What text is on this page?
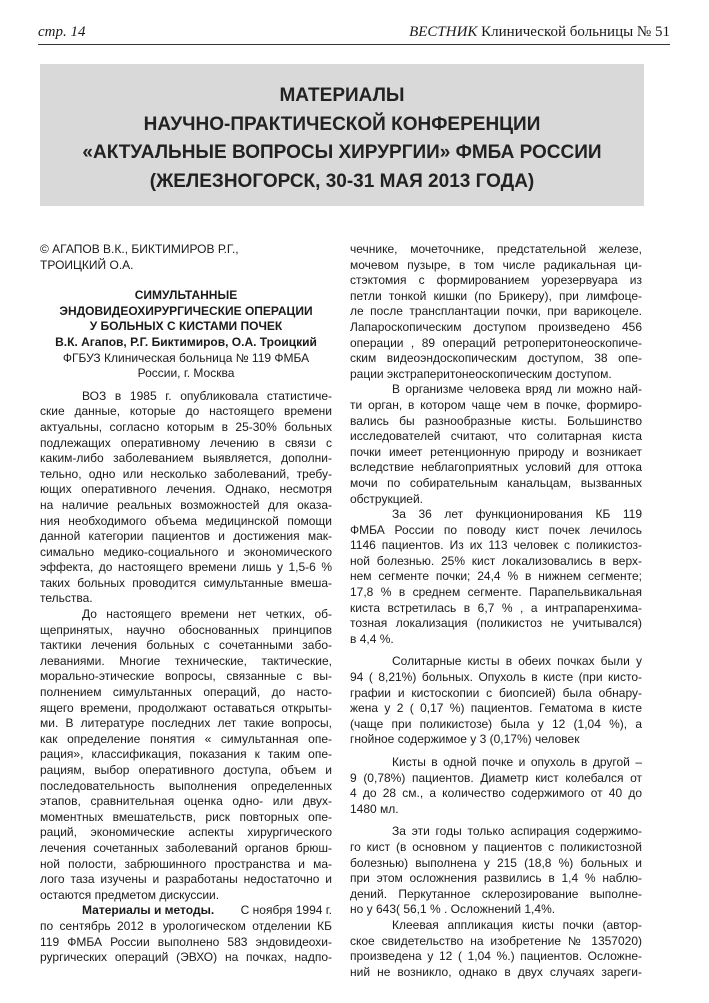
стр. 14	ВЕСТНИК Клинической больницы № 51
МАТЕРИАЛЫ
НАУЧНО-ПРАКТИЧЕСКОЙ КОНФЕРЕНЦИИ
«АКТУАЛЬНЫЕ ВОПРОСЫ ХИРУРГИИ» ФМБА РОССИИ
(ЖЕЛЕЗНОГОРСК, 30-31 МАЯ 2013 ГОДА)
© АГАПОВ В.К., БИКТИМИРОВ Р.Г.,
ТРОИЦКИЙ О.А.
СИМУЛЬТАННЫЕ
ЭНДОВИДЕОХИРУРГИЧЕСКИЕ ОПЕРАЦИИ
У БОЛЬНЫХ С КИСТАМИ ПОЧЕК
В.К. Агапов, Р.Г. Биктимиров, О.А. Троицкий
ФГБУЗ Клиническая больница № 119 ФМБА
России, г. Москва
ВОЗ в 1985 г. опубликовала статистиче-
ские данные, которые до настоящего времени
актуальны, согласно которым в 25-30% больных
подлежащих оперативному лечению в связи с
каким-либо заболеванием выявляется, дополни-
тельно, одно или несколько заболеваний, требу-
ющих оперативного лечения. Однако, несмотря
на наличие реальных возможностей для оказа-
ния необходимого объема медицинской помощи
данной категории пациентов и достижения мак-
симально медико-социального и экономического
эффекта, до настоящего времени лишь у 1,5-6 %
таких больных проводится симультанные вмеша-
тельства.
До настоящего времени нет четких, об-
щепринятых, научно обоснованных принципов
тактики лечения больных с сочетанными забо-
леваниями. Многие технические, тактические,
морально-этические вопросы, связанные с вы-
полнением симультанных операций, до насто-
ящего времени, продолжают оставаться открыты-
ми. В литературе последних лет такие вопросы,
как определение понятия « симультанная опе-
рация», классификация, показания к таким опе-
рациям, выбор оперативного доступа, объем и
последовательность выполнения определенных
этапов, сравнительная оценка одно- или двух-
моментных вмешательств, риск повторных опе-
раций, экономические аспекты хирургического
лечения сочетанных заболеваний органов брюш-
ной полости, забрюшинного пространства и ма-
лого таза изучены и разработаны недостаточно и
остаются предметом дискуссии.
Материалы и методы. С ноября 1994 г.
по сентябрь 2012 в урологическом отделении КБ
119 ФМБА России выполнено 583 эндовидеохи-
рургических операций (ЭВХО) на почках, надпо-
чечнике, мочеточнике, предстательной железе,
мочевом пузыре, в том числе радикальная ци-
стэктомия с формированием уорезервуара из
петли тонкой кишки (по Брикеру), при лимфоце-
ле после трансплантации почки, при варикоцеле.
Лапароскопическим доступом произведено 456
операции , 89 операций ретроперитонеоскопиче-
ским видеоэндоскопическим доступом, 38 опе-
рации экстраперитонеоскопическим доступом.
В организме человека вряд ли можно най-
ти орган, в котором чаще чем в почке, формиро-
вались бы разнообразные кисты. Большинство
исследователей считают, что солитарная киста
почки имеет ретенционную природу и возникает
вследствие неблагоприятных условий для оттока
мочи по собирательным канальцам, вызванных
обструкцией.
За 36 лет функционирования КБ 119
ФМБА России по поводу кист почек лечилось
1146 пациентов. Из их 113 человек с поликистоз-
ной болезнью. 25% кист локализовались в верх-
нем сегменте почки; 24,4 % в нижнем сегменте;
17,8 % в среднем сегменте. Парапельвикальная
киста встретилась в 6,7 % , а интрапаренхима-
тозная локализация (поликистоз не учитывался)
в 4,4 %.
Солитарные кисты в обеих почках были у
94 ( 8,21%) больных. Опухоль в кисте (при кисто-
графии и кистоскопии с биопсией) была обнару-
жена у 2 ( 0,17 %) пациентов. Гематома в кисте
(чаще при поликистозе) была у 12 (1,04 %), а
гнойное содержимое у 3 (0,17%) человек
Кисты в одной почке и опухоль в другой –
9 (0,78%) пациентов. Диаметр кист колебался от
4 до 28 см., а количество содержимого от 40 до
1480 мл.
За эти годы только аспирация содержимо-
го кист (в основном у пациентов с поликистозной
болезнью) выполнена у 215 (18,8 %) больных и
при этом осложнения развились в 1,4 % наблю-
дений. Перкутанное склерозирование выполне-
но у 643( 56,1 % . Осложнений 1,4%.
Клеевая аппликация кисты почки (автор-
ское свидетельство на изобретение № 1357020)
произведена у 12 ( 1,04 %.) пациентов. Осложне-
ний не возникло, однако в двух случаях зареги-
